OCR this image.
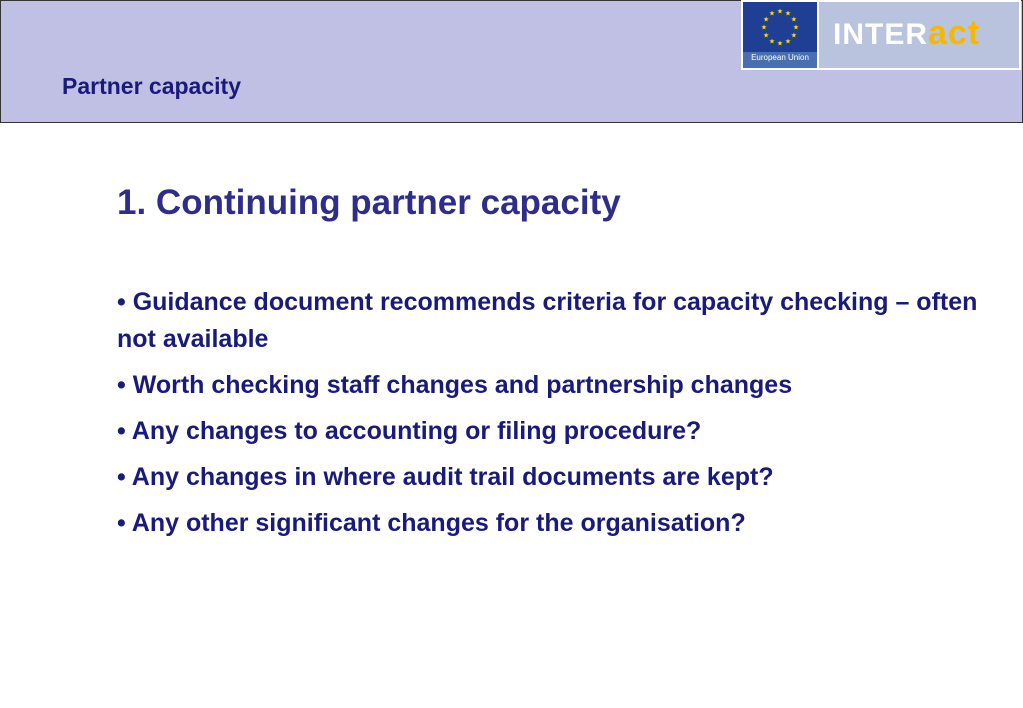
Partner capacity
★ ★
★
★
★
★
★
★
★
★
★
★
European Union
INTERact
1. Continuing partner capacity
• Guidance document recommends criteria for capacity checking – often not available
• Worth checking staff changes and partnership changes
• Any changes to accounting or filing procedure?
• Any changes in where audit trail documents are kept?
• Any other significant changes for the organisation?
